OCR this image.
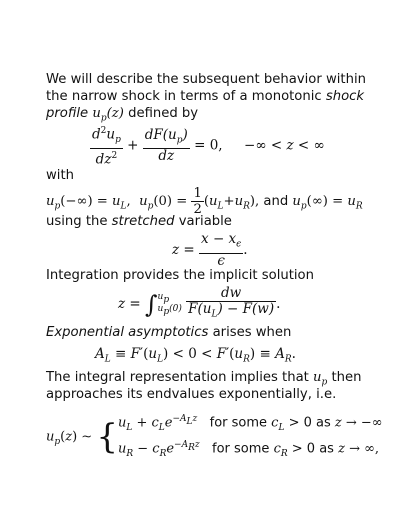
We will describe the subsequent behavior within
the narrow shock in terms of a monotonic shock
profile $u_p(z)$ defined by
$\frac{d^2u_p}{dz^2} + \frac{dF(u_p)}{dz} = 0$,     −∞ < z < ∞
with
$u_p(-\infty) = u_L$,  $u_p(0) = \frac{1}{2} (u_L+u_R)$, and $u_p(\infty) = u_R$
using the stretched variable
$z = \frac{x - x_\epsilon}{\epsilon}$ .
Integration provides the implicit solution
z = ∫ $u_p$
$u_p(0)$
$\frac{dw}{F(u_L) - F(w)}$ .
Exponential asymptotics arises when
$A_L \equiv F'(u_L) < 0 < F'(u_R) \equiv A_R$.
The integral representation implies that $u_p$ then
approaches its endvalues exponentially, i.e.
$u_p(z)$ ∼ { $u_L + c_Le^{-A_Lz}$ for some $c_L > 0$ as z → −∞
$u_R - c_Re^{-A_Rz}$ for some $c_R > 0$ as z → ∞,
